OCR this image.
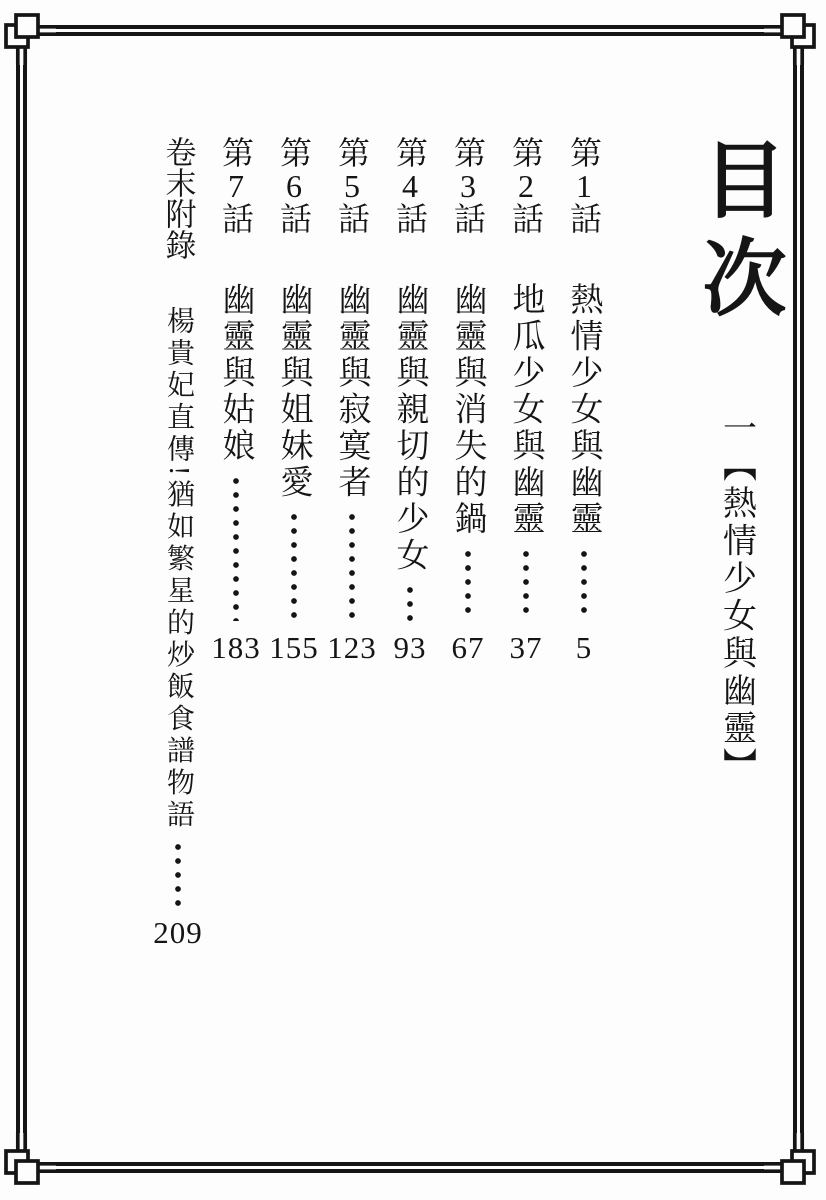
目次
一【熱情少女與幽靈】
第1話
熱情少女與幽靈
5
第2話
地瓜少女與幽靈
37
第3話
幽靈與消失的鍋
67
第4話
幽靈與親切的少女
93
第5話
幽靈與寂寞者
123
第6話
幽靈與姐妹愛
155
第7話
幽靈與姑娘
183
卷末附錄
楊貴妃直傳!猶如繁星的炒飯食譜物語
209
